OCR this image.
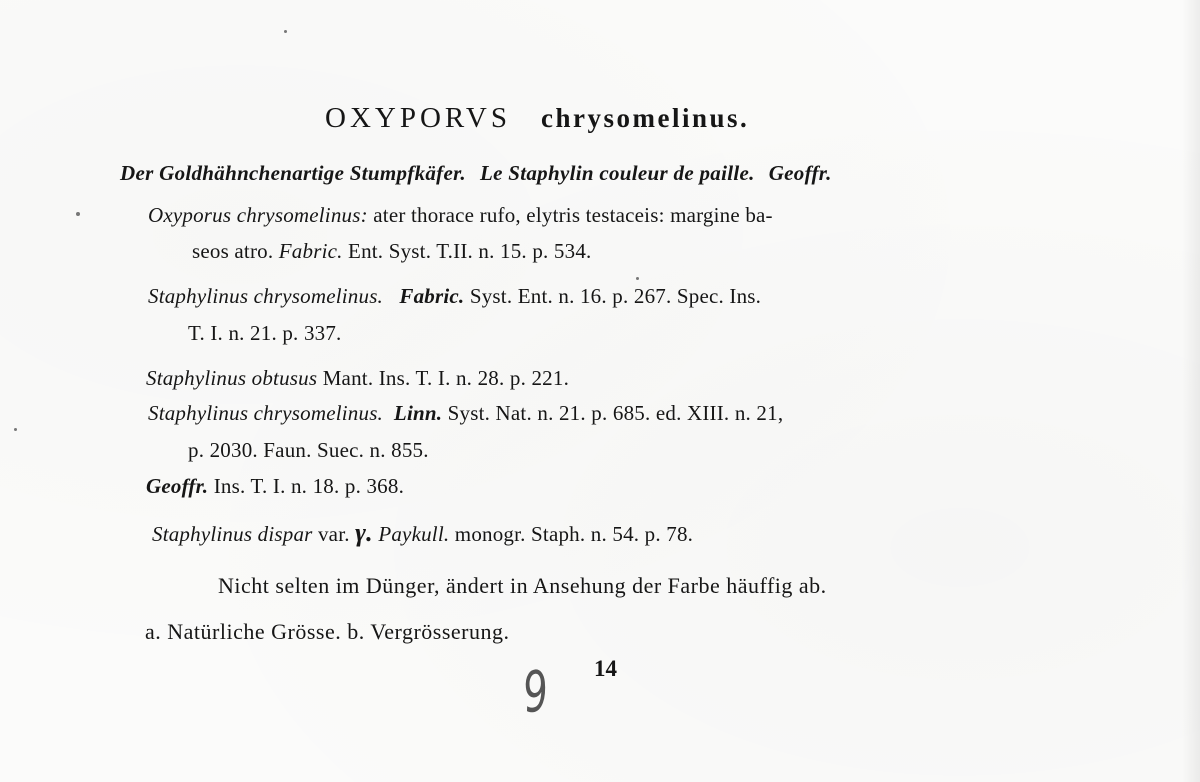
OXYPORVS chrysomelinus.
Der Goldhähnchenartige Stumpfkäfer. Le Staphylin couleur de paille. Geoffr.
Oxyporus chrysomelinus: ater thorace rufo, elytris testaceis: margine ba-
seos atro. Fabric. Ent. Syst. T.II. n. 15. p. 534.
Staphylinus chrysomelinus. Fabric. Syst. Ent. n. 16. p. 267. Spec. Ins.
T. I. n. 21. p. 337.
Staphylinus obtusus Mant. Ins. T. I. n. 28. p. 221.
Staphylinus chrysomelinus. Linn. Syst. Nat. n. 21. p. 685. ed. XIII. n. 21,
p. 2030. Faun. Suec. n. 855.
Geoffr. Ins. T. I. n. 18. p. 368.
Staphylinus dispar var. γ. Paykull. monogr. Staph. n. 54. p. 78.
Nicht selten im Dünger, ändert in Ansehung der Farbe häuffig ab.
a. Natürliche Grösse. b. Vergrösserung.
9 14
